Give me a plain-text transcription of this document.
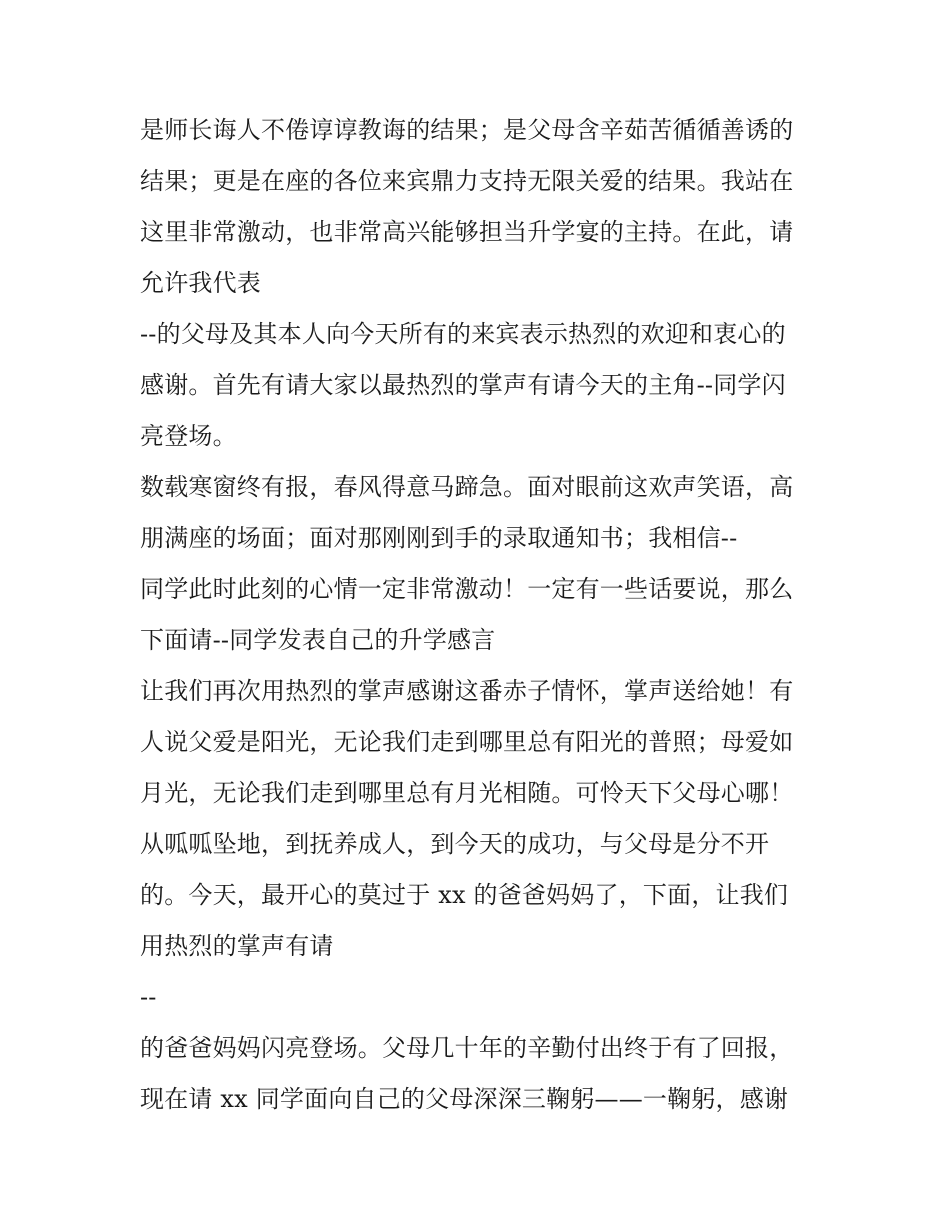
是师长诲人不倦谆谆教诲的结果；是父母含辛茹苦循循善诱的
结果；更是在座的各位来宾鼎力支持无限关爱的结果。我站在
这里非常激动，也非常高兴能够担当升学宴的主持。在此，请
允许我代表
--的父母及其本人向今天所有的来宾表示热烈的欢迎和衷心的
感谢。首先有请大家以最热烈的掌声有请今天的主角--同学闪
亮登场。
数载寒窗终有报，春风得意马蹄急。面对眼前这欢声笑语，高
朋满座的场面；面对那刚刚到手的录取通知书；我相信--
同学此时此刻的心情一定非常激动！一定有一些话要说，那么
下面请--同学发表自己的升学感言
让我们再次用热烈的掌声感谢这番赤子情怀，掌声送给她！有
人说父爱是阳光，无论我们走到哪里总有阳光的普照；母爱如
月光，无论我们走到哪里总有月光相随。可怜天下父母心哪！
从呱呱坠地，到抚养成人，到今天的成功，与父母是分不开
的。今天，最开心的莫过于 xx 的爸爸妈妈了，下面，让我们
用热烈的掌声有请
--
的爸爸妈妈闪亮登场。父母几十年的辛勤付出终于有了回报，
现在请 xx 同学面向自己的父母深深三鞠躬——一鞠躬，感谢
